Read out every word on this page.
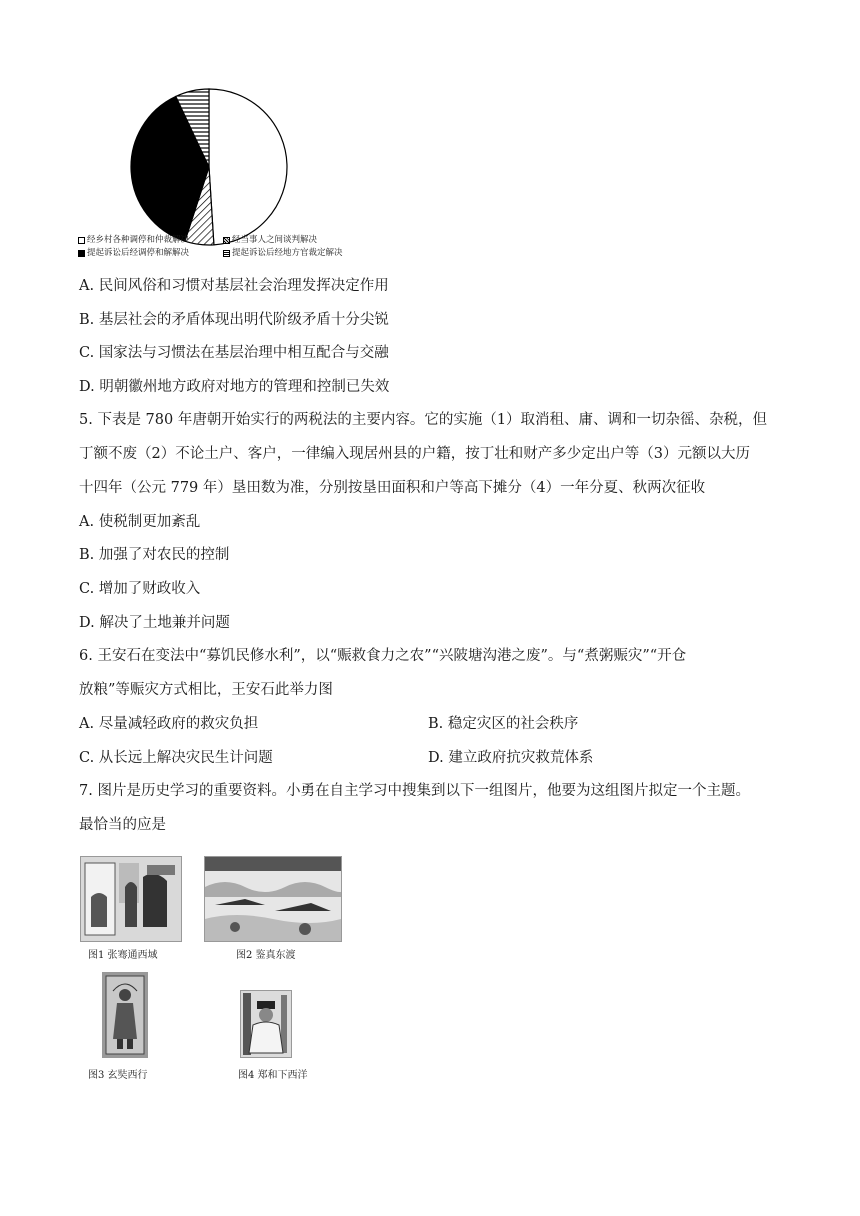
经乡村各种调停和仲裁解决	经当事人之间谈判解决
提起诉讼后经调停和解解决	提起诉讼后经地方官裁定解决
A. 民间风俗和习惯对基层社会治理发挥决定作用
B. 基层社会的矛盾体现出明代阶级矛盾十分尖锐
C. 国家法与习惯法在基层治理中相互配合与交融
D. 明朝徽州地方政府对地方的管理和控制已失效
5. 下表是 780 年唐朝开始实行的两税法的主要内容。它的实施（1）取消租、庸、调和一切杂徭、杂税，但
丁额不废（2）不论土户、客户，一律编入现居州县的户籍，按丁壮和财产多少定出户等（3）元额以大历
十四年（公元 779 年）垦田数为准，分别按垦田面积和户等高下摊分（4）一年分夏、秋两次征收
A. 使税制更加紊乱
B. 加强了对农民的控制
C. 增加了财政收入
D. 解决了土地兼并问题
6. 王安石在变法中“募饥民修水利”，以“赈救食力之农”“兴陂塘沟港之废”。与“煮粥赈灾”“开仓
放粮”等赈灾方式相比，王安石此举力图
A. 尽量减轻政府的救灾负担	B. 稳定灾区的社会秩序
C. 从长远上解决灾民生计问题	D. 建立政府抗灾救荒体系
7. 图片是历史学习的重要资料。小勇在自主学习中搜集到以下一组图片，他要为这组图片拟定一个主题。
最恰当的应是
图1 张骞通西域	图2 鉴真东渡
图3 玄奘西行	图4 郑和下西洋
